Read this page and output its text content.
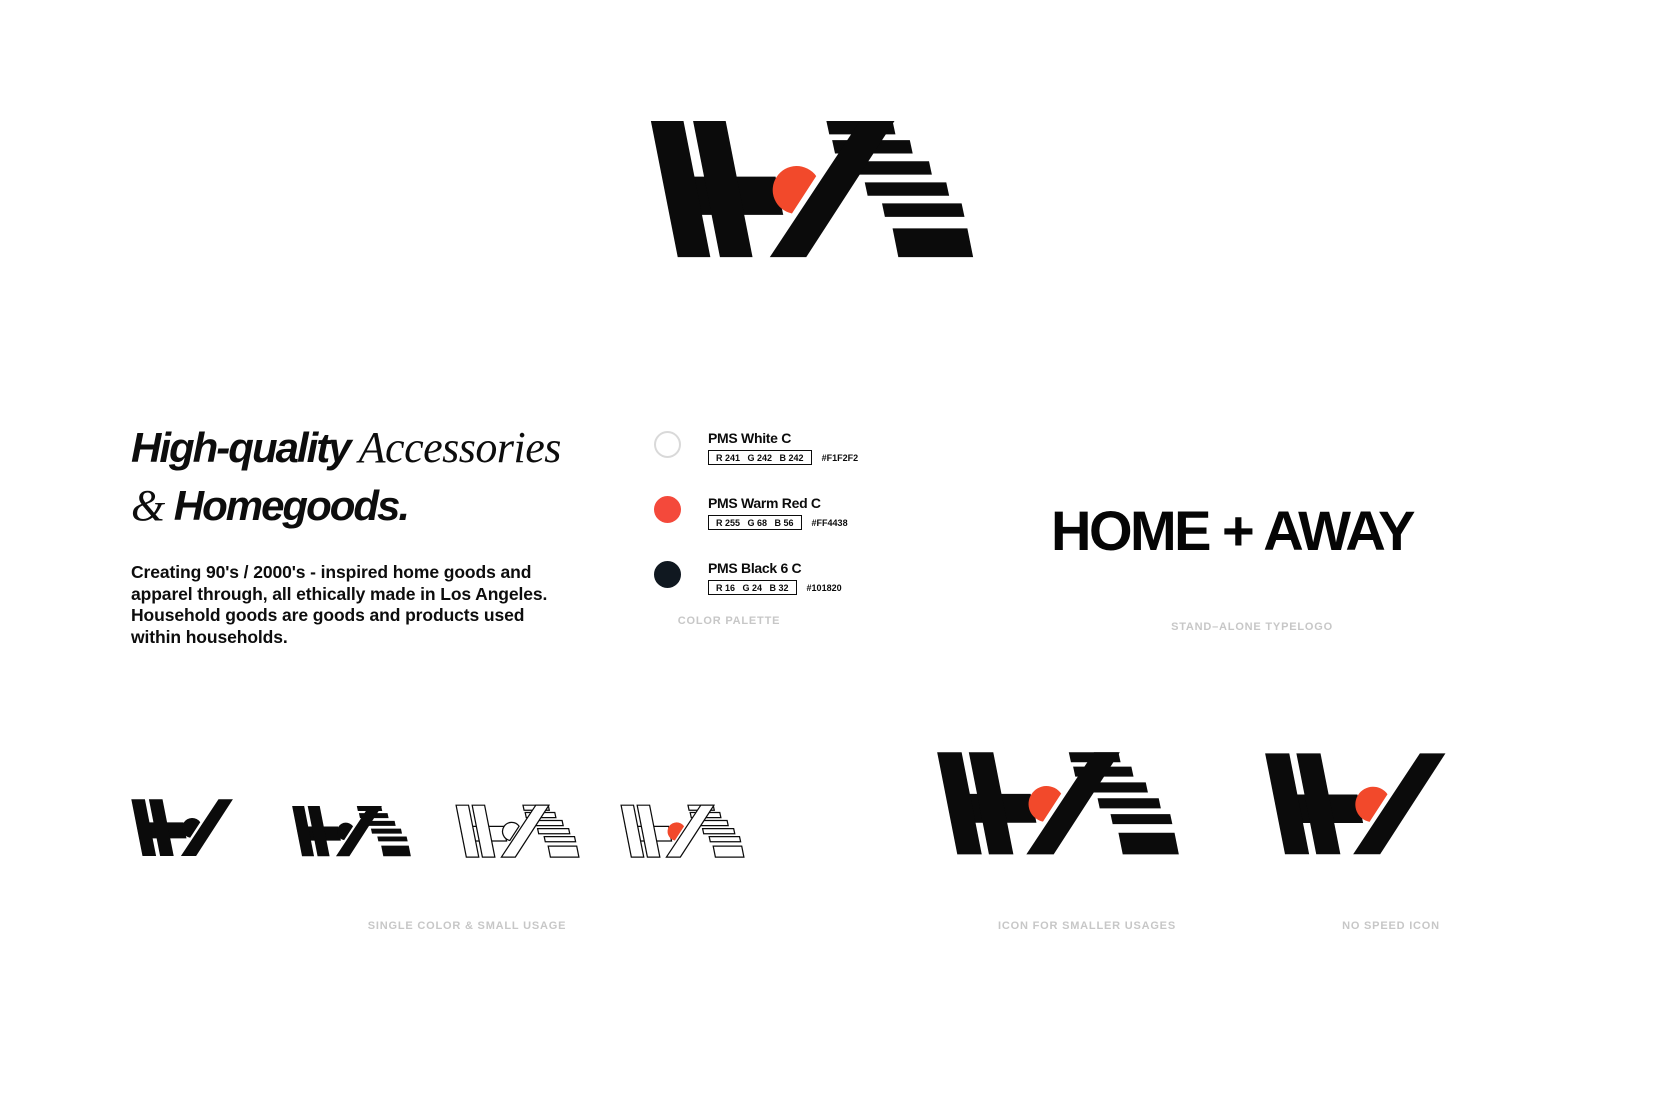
High-quality Accessories
& Homegoods.
Creating 90's / 2000's - inspired home goods and
apparel through, all ethically made in Los Angeles.
Household goods are goods and products used
within households.
PMS White C
R 241   G 242   B 242	#F1F2F2
PMS Warm Red C
R 255   G 68   B 56	#FF4438
PMS Black 6 C
R 16   G 24   B 32	#101820
COLOR PALETTE
HOME + AWAY
STAND–ALONE TYPELOGO
SINGLE COLOR & SMALL USAGE	ICON FOR SMALLER USAGES	NO SPEED ICON
